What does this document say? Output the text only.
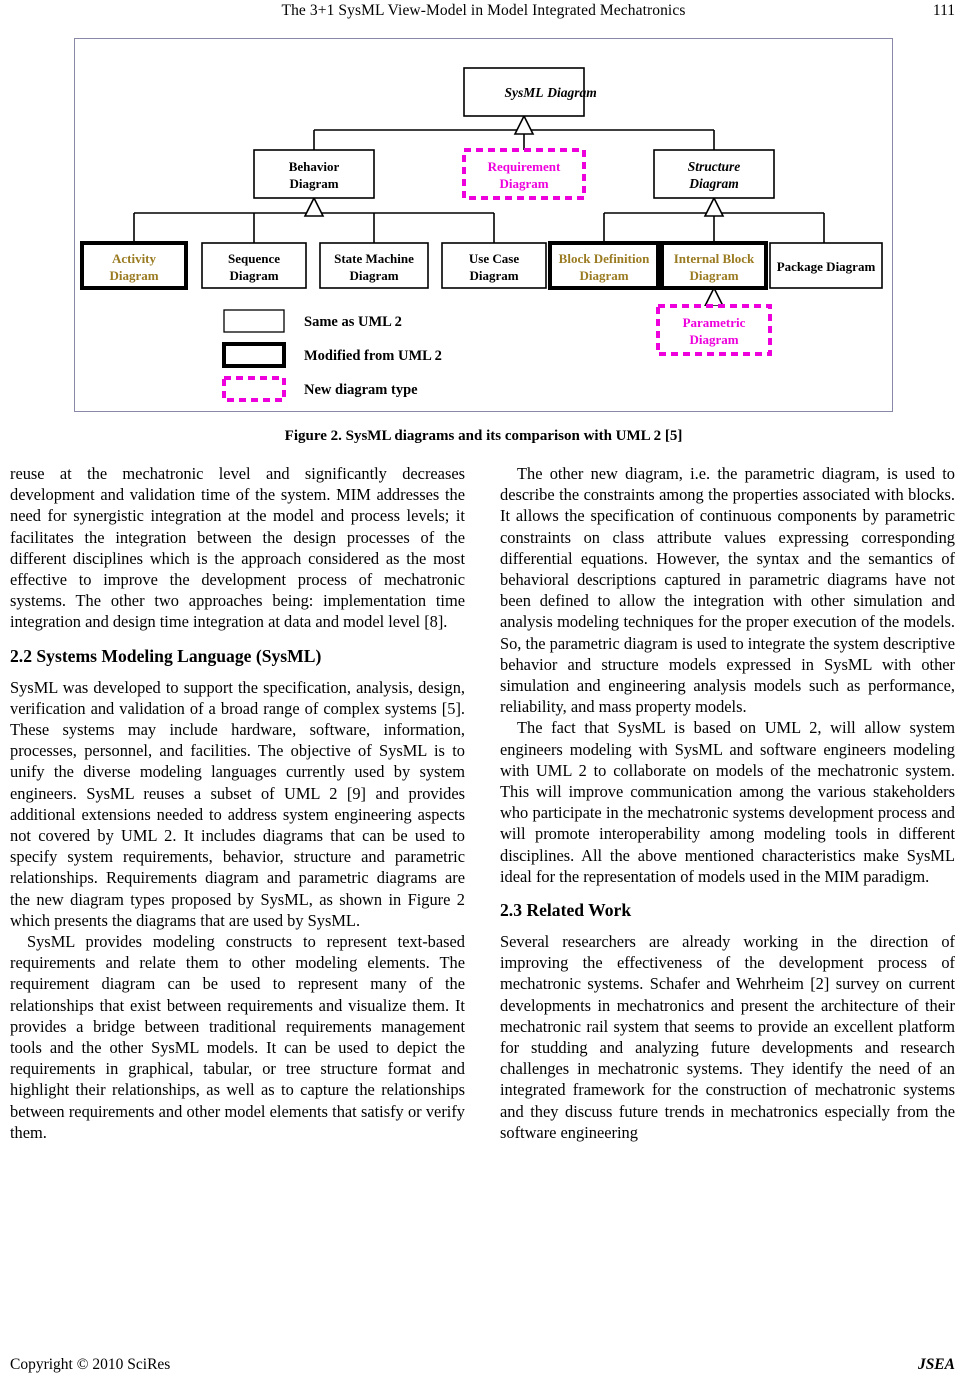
The 3+1 SysML View-Model in Model Integrated Mechatronics	111
SysML Diagram
Behavior
Diagram
Requirement
Diagram
Structure
Diagram
Activity
Diagram
Sequence
Diagram
State Machine
Diagram
Use Case
Diagram
Block Definition
Diagram
Internal Block
Diagram
Package Diagram
Parametric
Diagram
Same as UML 2
Modified from UML 2
New diagram type
Figure 2. SysML diagrams and its comparison with UML 2 [5]

reuse at the mechatronic level and significantly decreases development and validation time of the system. MIM addresses the need for synergistic integration at the model and process levels; it facilitates the integration between the design processes of the different disciplines which is the approach considered as the most effective to improve the development process of mechatronic systems. The other two approaches being: implementation time integration and design time integration at data and model level [8].

2.2 Systems Modeling Language (SysML)

SysML was developed to support the specification, analysis, design, verification and validation of a broad range of complex systems [5]. These systems may include hardware, software, information, processes, personnel, and facilities. The objective of SysML is to unify the diverse modeling languages currently used by system engineers. SysML reuses a subset of UML 2 [9] and provides additional extensions needed to address system engineering aspects not covered by UML 2. It includes diagrams that can be used to specify system requirements, behavior, structure and parametric relationships. Requirements diagram and parametric diagrams are the new diagram types proposed by SysML, as shown in Figure 2 which presents the diagrams that are used by SysML.

SysML provides modeling constructs to represent text-based requirements and relate them to other modeling elements. The requirement diagram can be used to represent many of the relationships that exist between requirements and visualize them. It provides a bridge between traditional requirements management tools and the other SysML models. It can be used to depict the requirements in graphical, tabular, or tree structure format and highlight their relationships, as well as to capture the relationships between requirements and other model elements that satisfy or verify them.

The other new diagram, i.e. the parametric diagram, is used to describe the constraints among the properties associated with blocks. It allows the specification of continuous components by parametric constraints on class attribute values expressing corresponding differential equations. However, the syntax and the semantics of behavioral descriptions captured in parametric diagrams have not been defined to allow the integration with other simulation and analysis modeling techniques for the proper execution of the models. So, the parametric diagram is used to integrate the system descriptive behavior and structure models expressed in SysML with other simulation and engineering analysis models such as performance, reliability, and mass property models.

The fact that SysML is based on UML 2, will allow system engineers modeling with SysML and software engineers modeling with UML 2 to collaborate on models of the mechatronic system. This will improve communication among the various stakeholders who participate in the mechatronic systems development process and will promote interoperability among modeling tools in different disciplines. All the above mentioned characteristics make SysML ideal for the representation of models used in the MIM paradigm.

2.3 Related Work

Several researchers are already working in the direction of improving the effectiveness of the development process of mechatronic systems. Schafer and Wehrheim [2] survey on current developments in mechatronics and present the architecture of their mechatronic rail system that seems to provide an excellent platform for studding and analyzing future developments and research challenges in mechatronic systems. They identify the need of an integrated framework for the construction of mechatronic systems and they discuss future trends in mechatronics especially from the software engineering

Copyright © 2010 SciRes	JSEA
